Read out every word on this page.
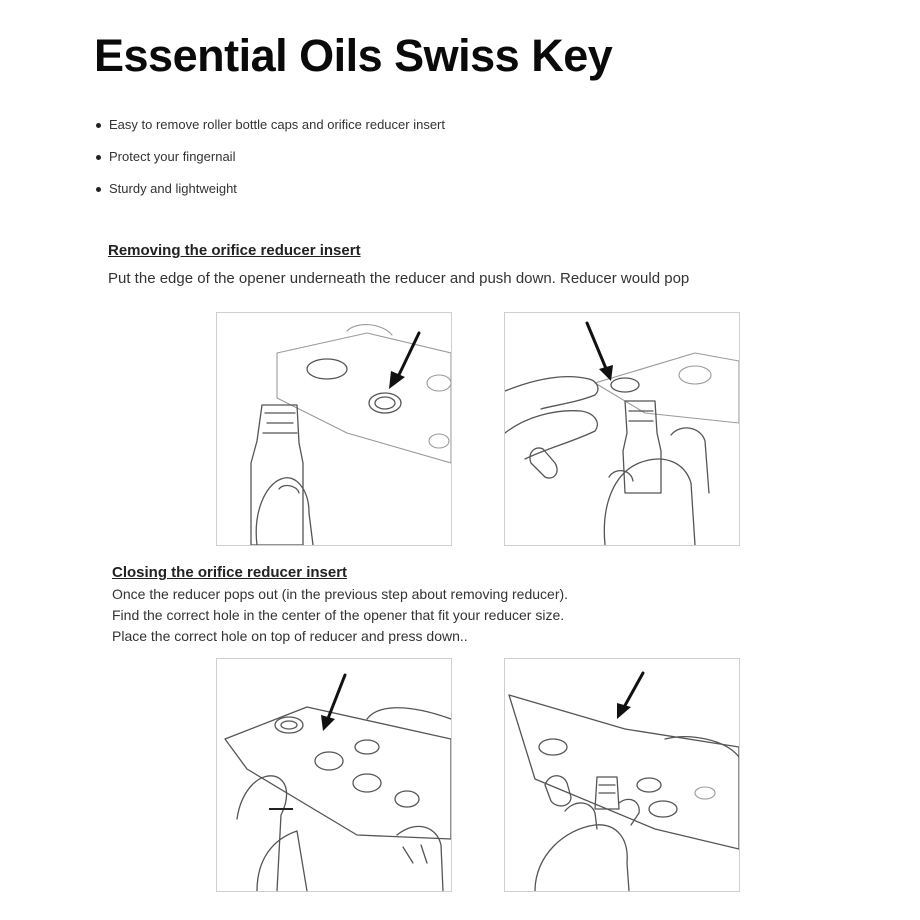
Essential Oils Swiss Key
Easy to remove roller bottle caps and orifice reducer insert
Protect your fingernail
Sturdy and lightweight
Removing the orifice reducer insert
Put the edge of the opener underneath the reducer and push down. Reducer would pop
Closing the orifice reducer insert
Once the reducer pops out (in the previous step about removing reducer).
Find the correct hole in the center of the opener that fit your reducer size.
Place the correct hole on top of reducer and press down..
